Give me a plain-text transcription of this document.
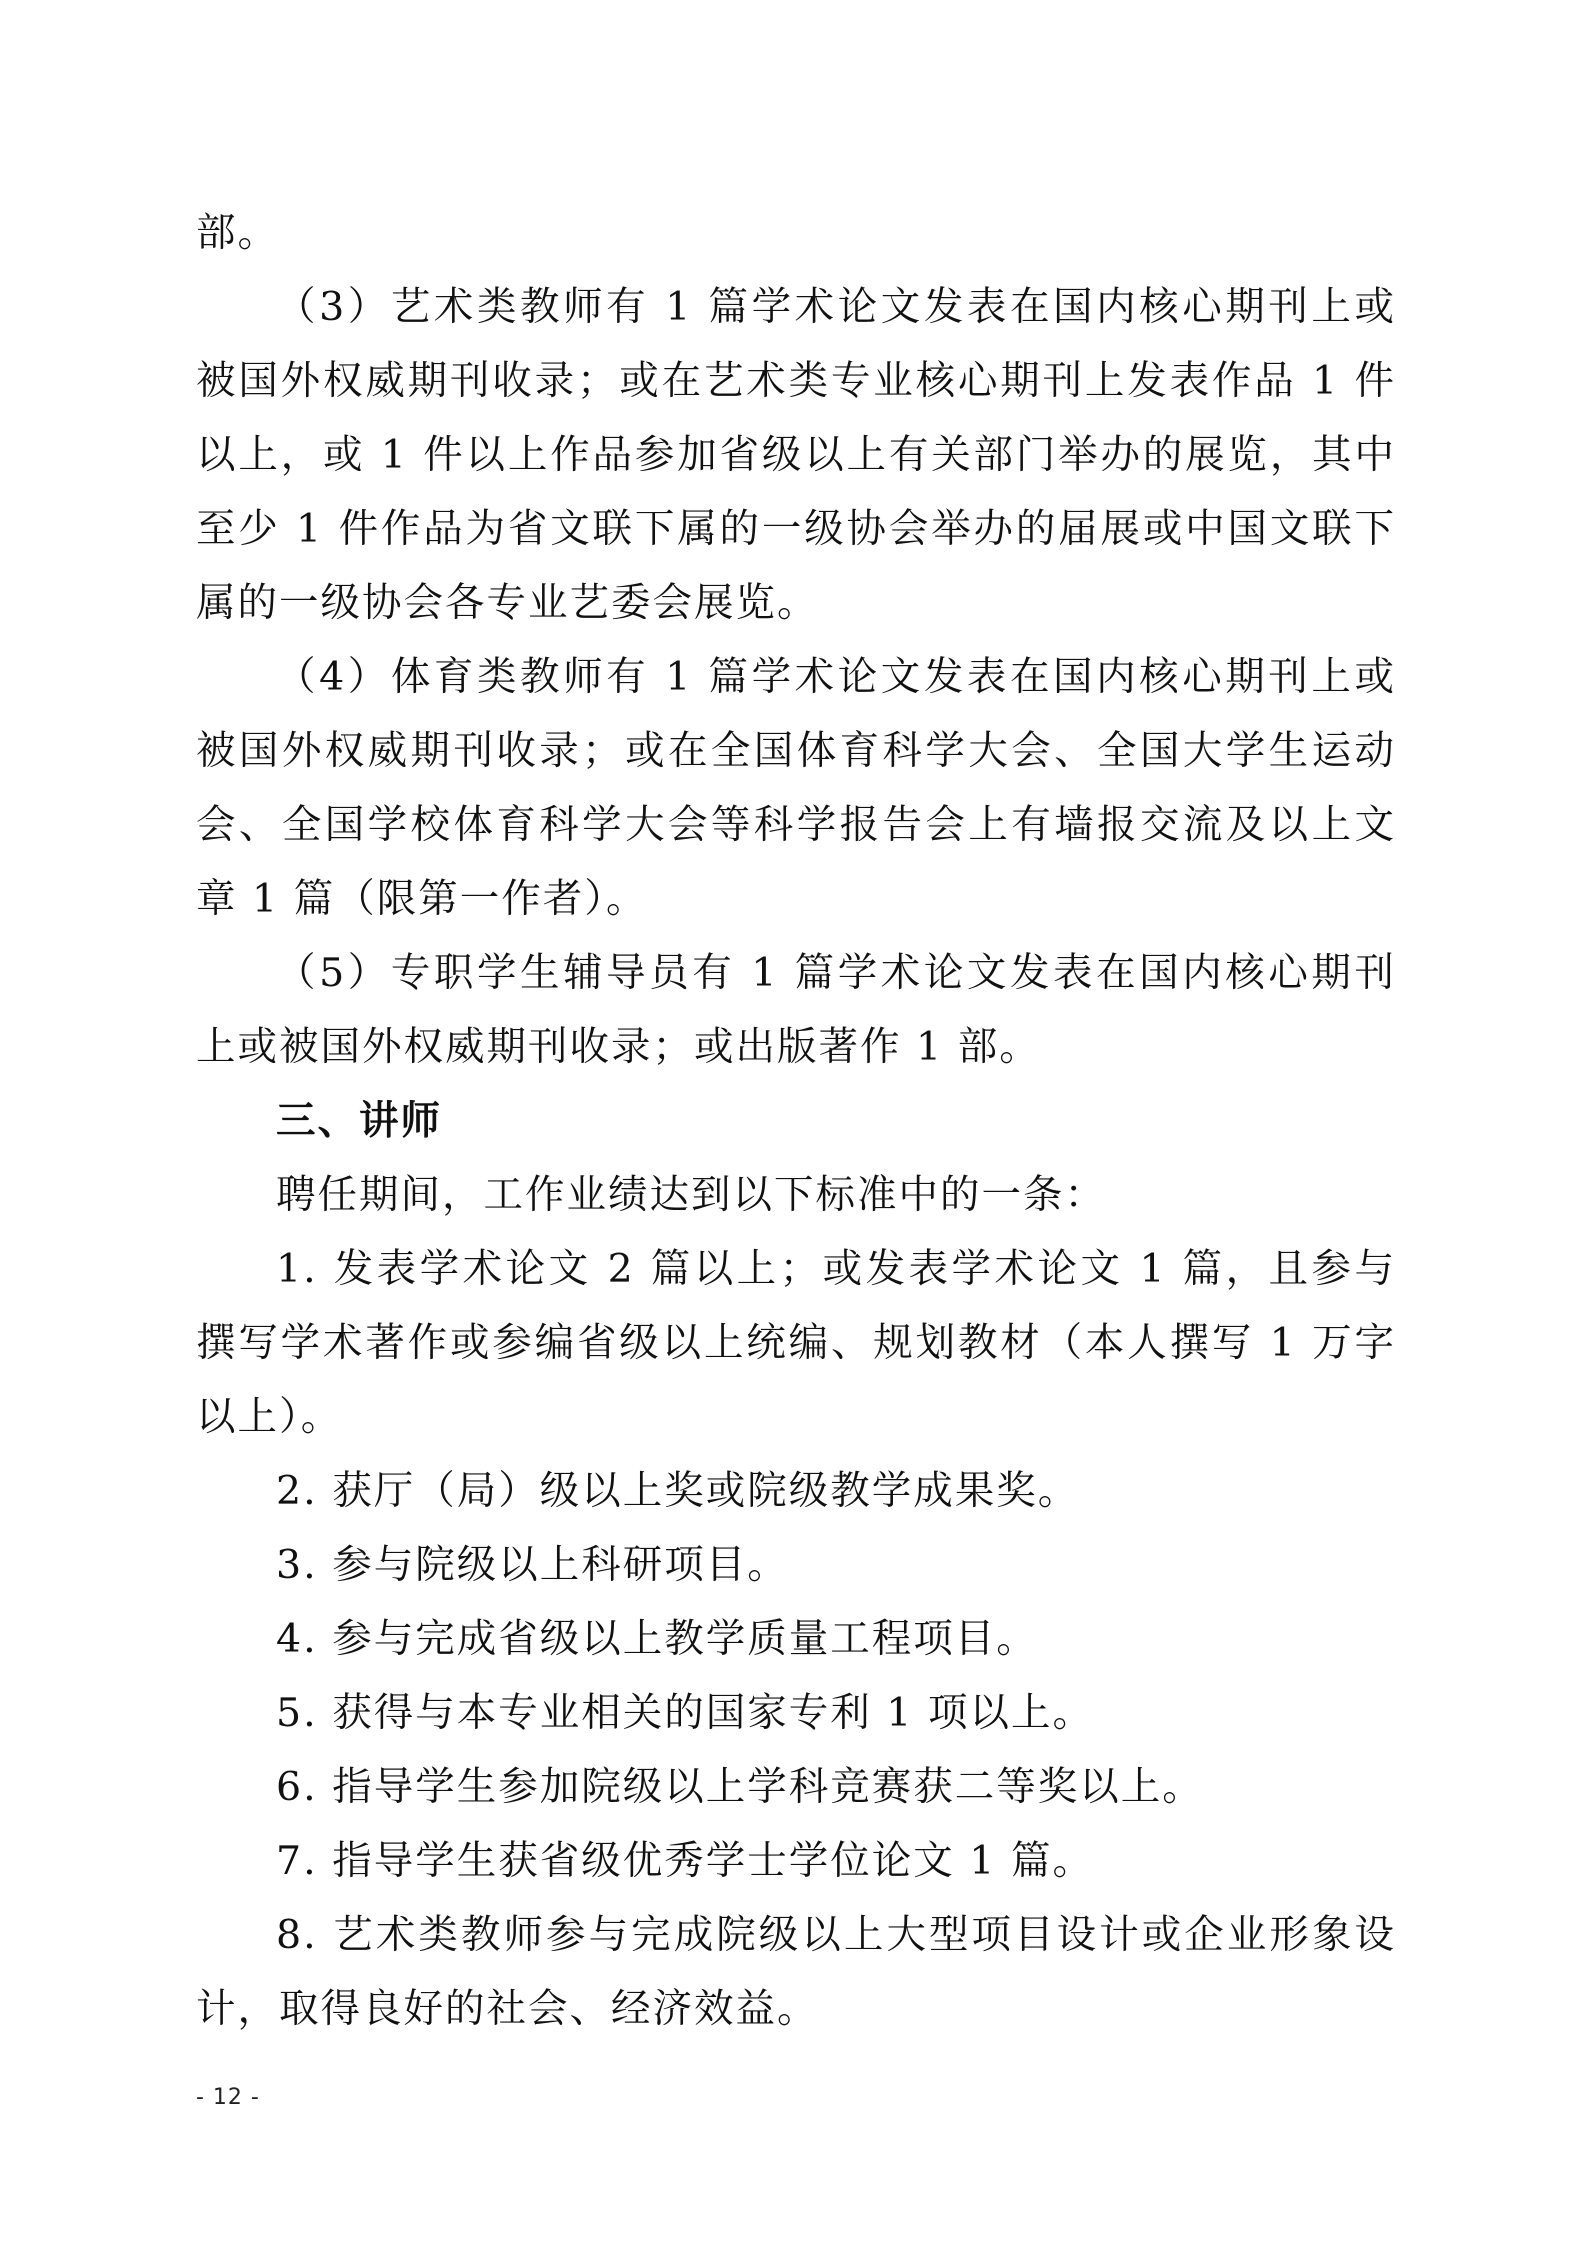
部。

（3）艺术类教师有 1 篇学术论文发表在国内核心期刊上或被国外权威期刊收录；或在艺术类专业核心期刊上发表作品 1 件以上，或 1 件以上作品参加省级以上有关部门举办的展览，其中至少 1 件作品为省文联下属的一级协会举办的届展或中国文联下属的一级协会各专业艺委会展览。

（4）体育类教师有 1 篇学术论文发表在国内核心期刊上或被国外权威期刊收录；或在全国体育科学大会、全国大学生运动会、全国学校体育科学大会等科学报告会上有墙报交流及以上文章 1 篇（限第一作者）。

（5）专职学生辅导员有 1 篇学术论文发表在国内核心期刊上或被国外权威期刊收录；或出版著作 1 部。

三、讲师

聘任期间，工作业绩达到以下标准中的一条：

1. 发表学术论文 2 篇以上；或发表学术论文 1 篇，且参与撰写学术著作或参编省级以上统编、规划教材（本人撰写 1 万字以上）。

2. 获厅（局）级以上奖或院级教学成果奖。

3. 参与院级以上科研项目。

4. 参与完成省级以上教学质量工程项目。

5. 获得与本专业相关的国家专利 1 项以上。

6. 指导学生参加院级以上学科竞赛获二等奖以上。

7. 指导学生获省级优秀学士学位论文 1 篇。

8. 艺术类教师参与完成院级以上大型项目设计或企业形象设计，取得良好的社会、经济效益。

- 12 -
